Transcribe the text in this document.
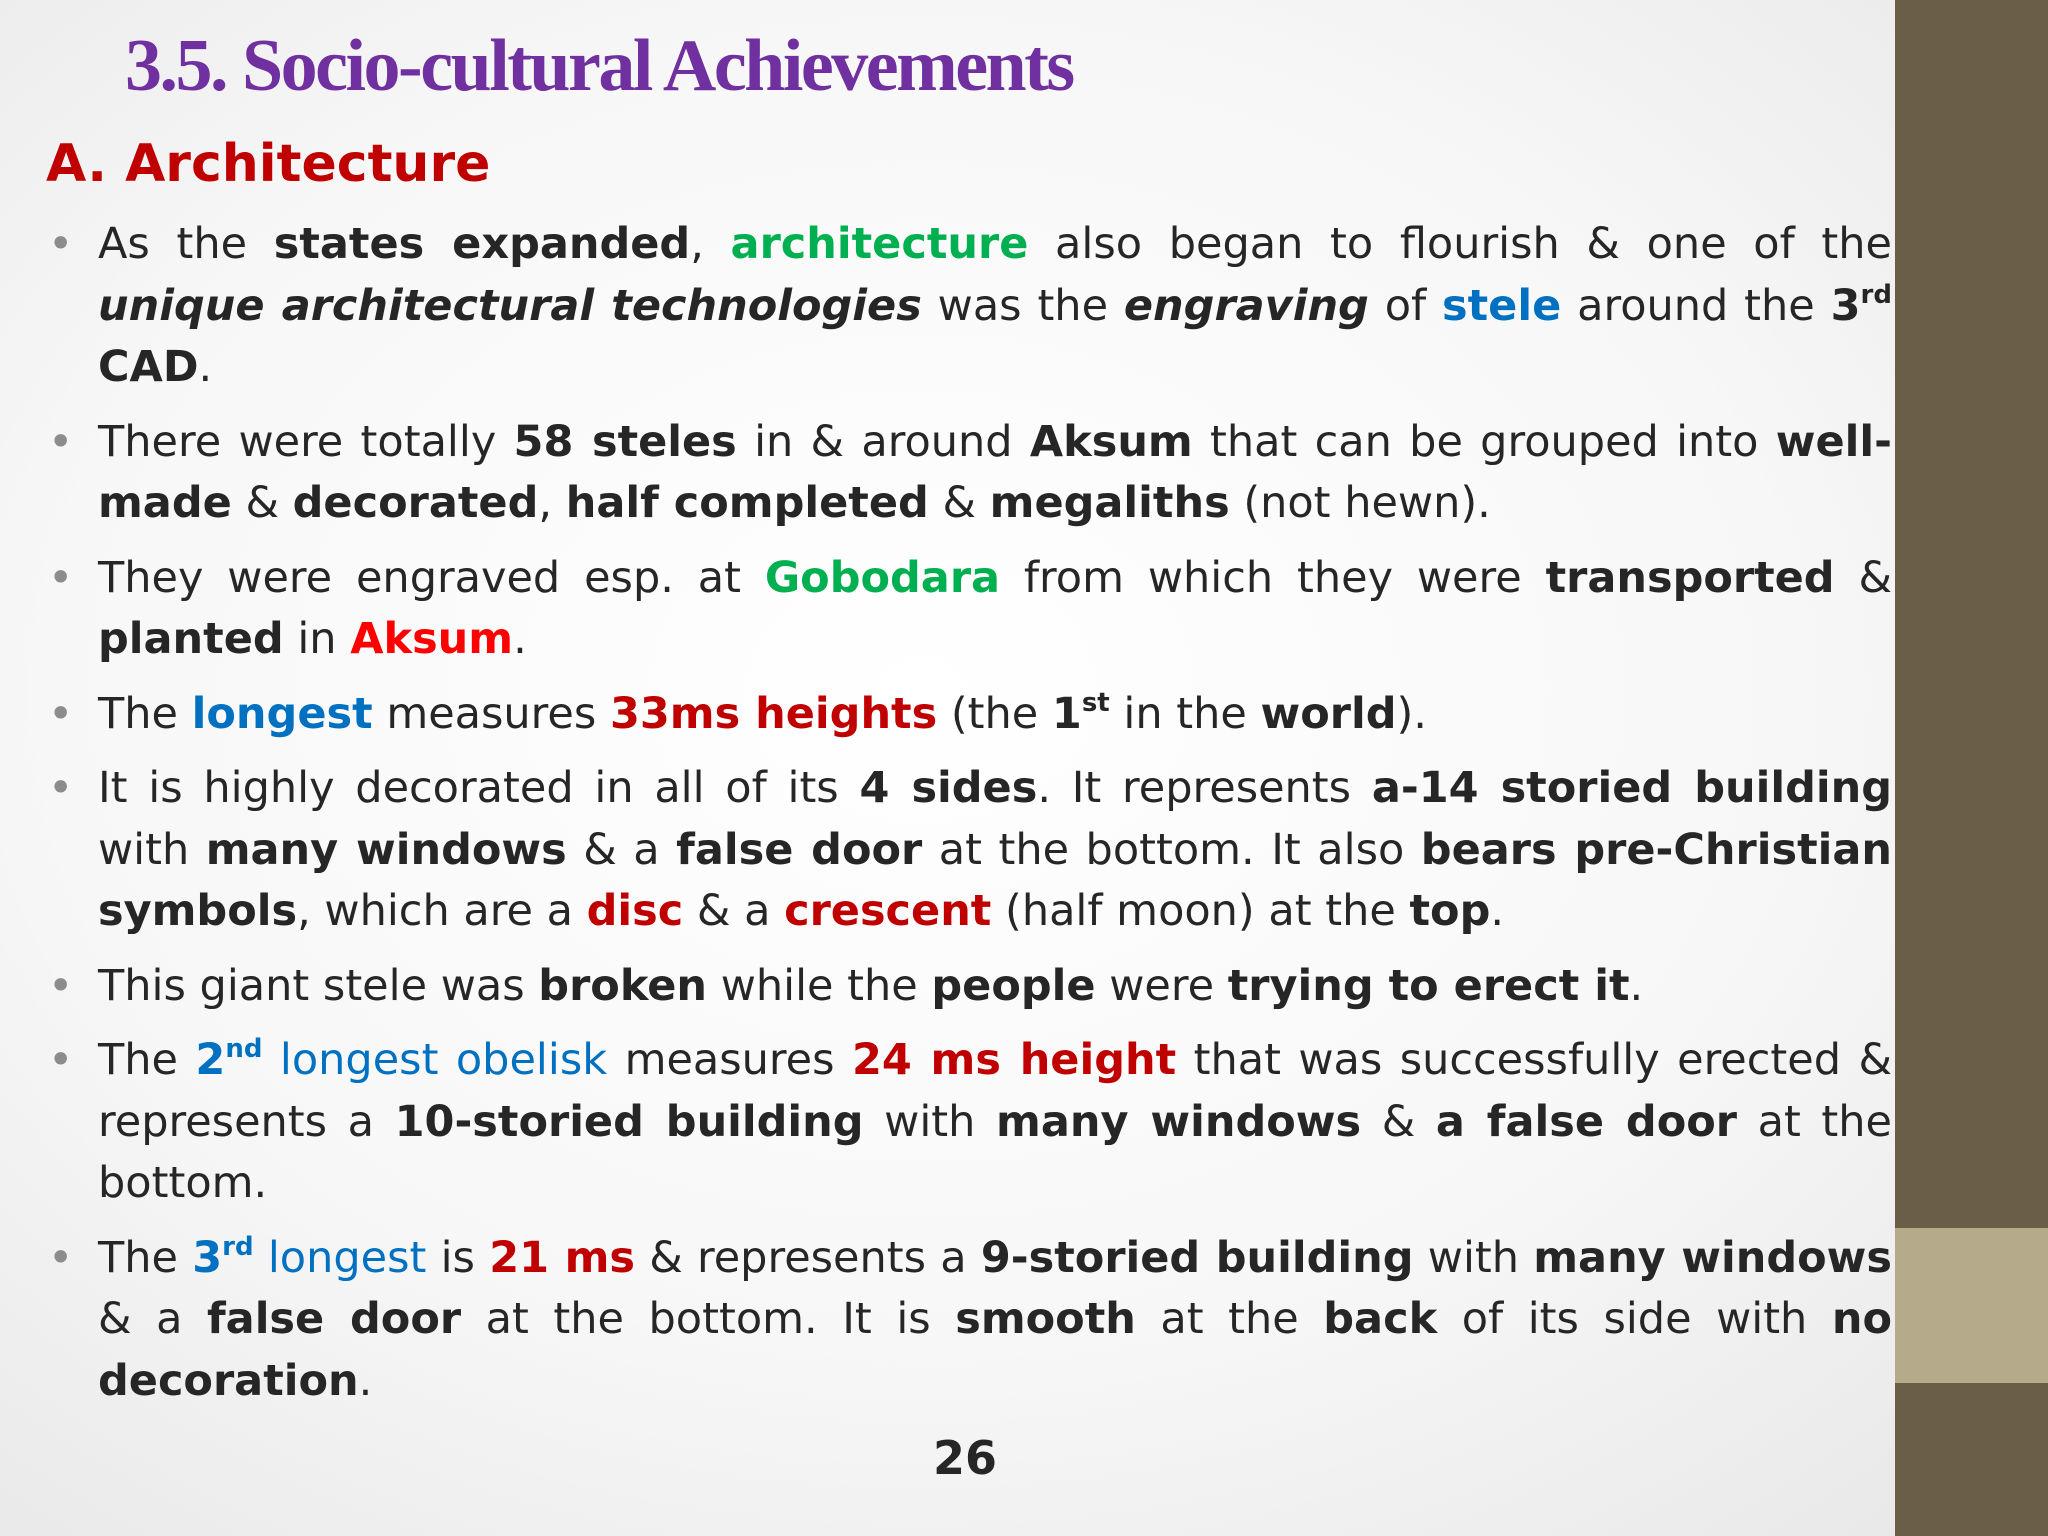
3.5. Socio-cultural Achievements
A. Architecture
• As the states expanded, architecture also began to flourish & one of the unique architectural technologies was the engraving of stele around the 3rd CAD.
• There were totally 58 steles in & around Aksum that can be grouped into well-made & decorated, half completed & megaliths (not hewn).
• They were engraved esp. at Gobodara from which they were transported & planted in Aksum.
• The longest measures 33ms heights (the 1st in the world).
• It is highly decorated in all of its 4 sides. It represents a-14 storied building with many windows & a false door at the bottom. It also bears pre-Christian symbols, which are a disc & a crescent (half moon) at the top.
• This giant stele was broken while the people were trying to erect it.
• The 2nd longest obelisk measures 24 ms height that was successfully erected & represents a 10-storied building with many windows & a false door at the bottom.
• The 3rd longest is 21 ms & represents a 9-storied building with many windows & a false door at the bottom. It is smooth at the back of its side with no decoration.
26
